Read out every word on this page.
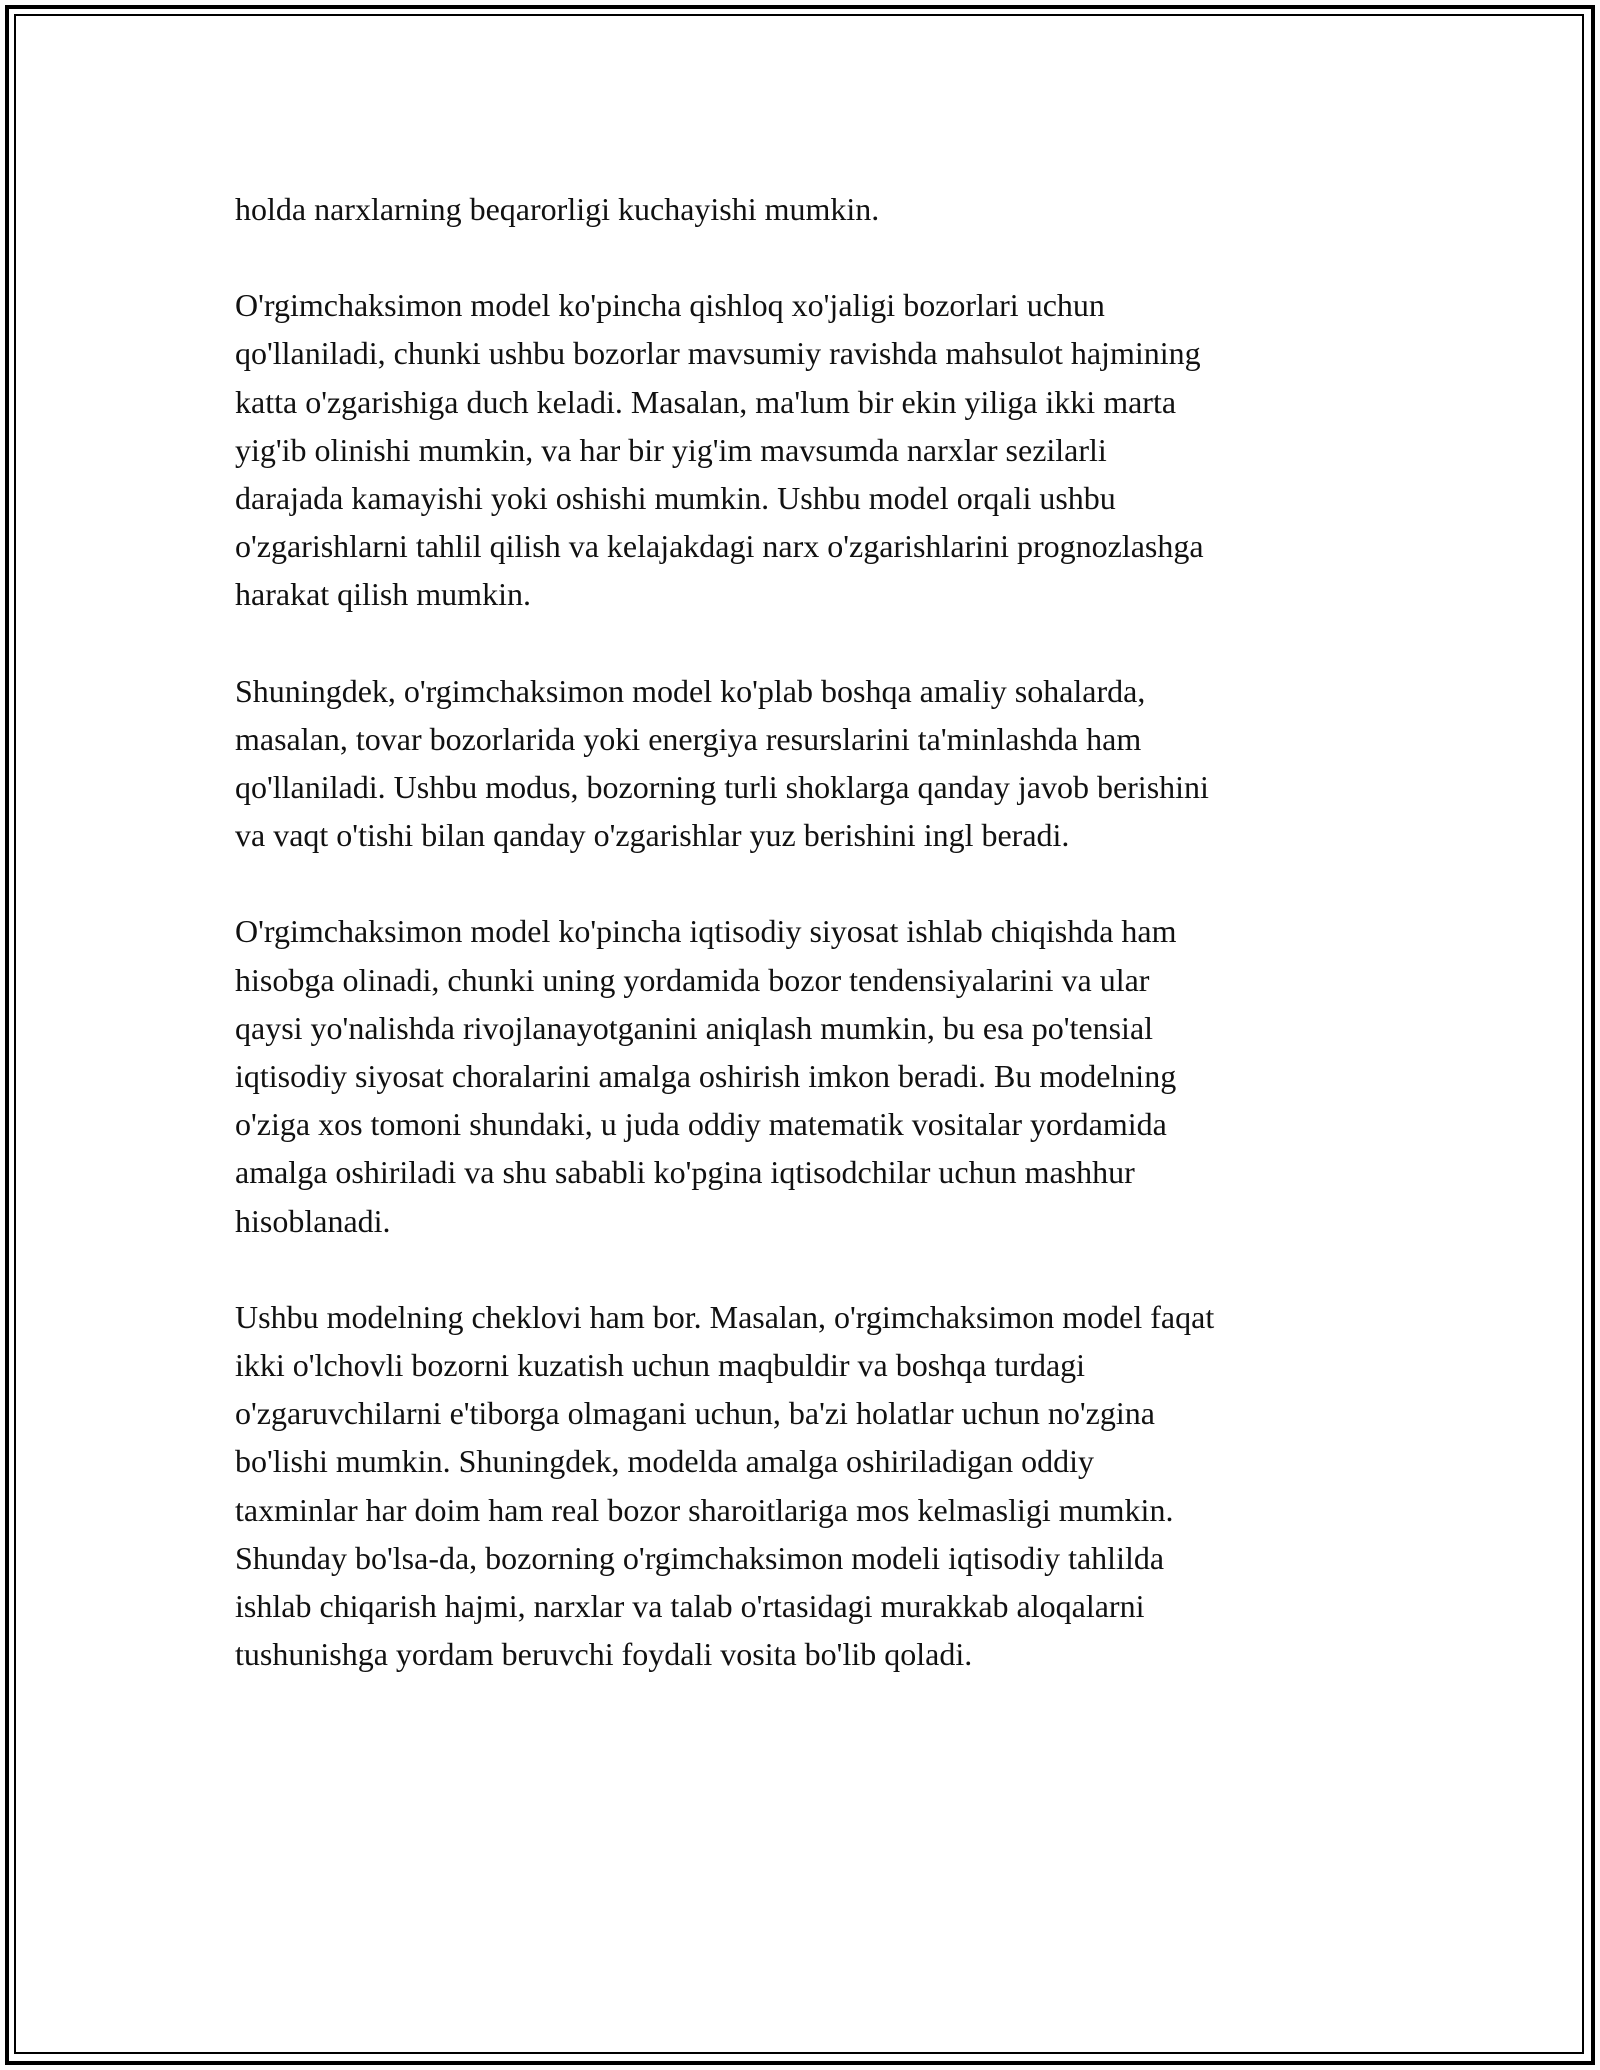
holda narxlarning beqarorligi kuchayishi mumkin.

O'rgimchaksimon model ko'pincha qishloq xo'jaligi bozorlari uchun
qo'llaniladi, chunki ushbu bozorlar mavsumiy ravishda mahsulot hajmining
katta o'zgarishiga duch keladi. Masalan, ma'lum bir ekin yiliga ikki marta
yig'ib olinishi mumkin, va har bir yig'im mavsumda narxlar sezilarli
darajada kamayishi yoki oshishi mumkin. Ushbu model orqali ushbu
o'zgarishlarni tahlil qilish va kelajakdagi narx o'zgarishlarini prognozlashga
harakat qilish mumkin.

Shuningdek, o'rgimchaksimon model ko'plab boshqa amaliy sohalarda,
masalan, tovar bozorlarida yoki energiya resurslarini ta'minlashda ham
qo'llaniladi. Ushbu modus, bozorning turli shoklarga qanday javob berishini
va vaqt o'tishi bilan qanday o'zgarishlar yuz berishini ingl beradi.

O'rgimchaksimon model ko'pincha iqtisodiy siyosat ishlab chiqishda ham
hisobga olinadi, chunki uning yordamida bozor tendensiyalarini va ular
qaysi yo'nalishda rivojlanayotganini aniqlash mumkin, bu esa po'tensial
iqtisodiy siyosat choralarini amalga oshirish imkon beradi. Bu modelning
o'ziga xos tomoni shundaki, u juda oddiy matematik vositalar yordamida
amalga oshiriladi va shu sababli ko'pgina iqtisodchilar uchun mashhur
hisoblanadi.

Ushbu modelning cheklovi ham bor. Masalan, o'rgimchaksimon model faqat
ikki o'lchovli bozorni kuzatish uchun maqbuldir va boshqa turdagi
o'zgaruvchilarni e'tiborga olmagani uchun, ba'zi holatlar uchun no'zgina
bo'lishi mumkin. Shuningdek, modelda amalga oshiriladigan oddiy
taxminlar har doim ham real bozor sharoitlariga mos kelmasligi mumkin.
Shunday bo'lsa-da, bozorning o'rgimchaksimon modeli iqtisodiy tahlilda
ishlab chiqarish hajmi, narxlar va talab o'rtasidagi murakkab aloqalarni
tushunishga yordam beruvchi foydali vosita bo'lib qoladi.
